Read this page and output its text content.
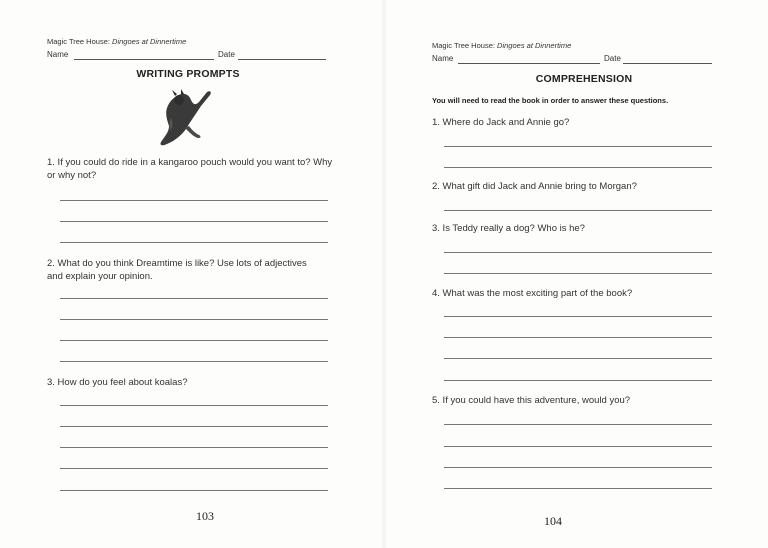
Magic Tree House: Dingoes at Dinnertime
Name	Date
WRITING PROMPTS
1. If you could do ride in a kangaroo pouch would you want to? Why or why not?
2. What do you think Dreamtime is like? Use lots of adjectives and explain your opinion.
3. How do you feel about koalas?
103
Magic Tree House: Dingoes at Dinnertime
Name	Date
COMPREHENSION
You will need to read the book in order to answer these questions.
1. Where do Jack and Annie go?
2. What gift did Jack and Annie bring to Morgan?
3. Is Teddy really a dog? Who is he?
4. What was the most exciting part of the book?
5. If you could have this adventure, would you?
104
